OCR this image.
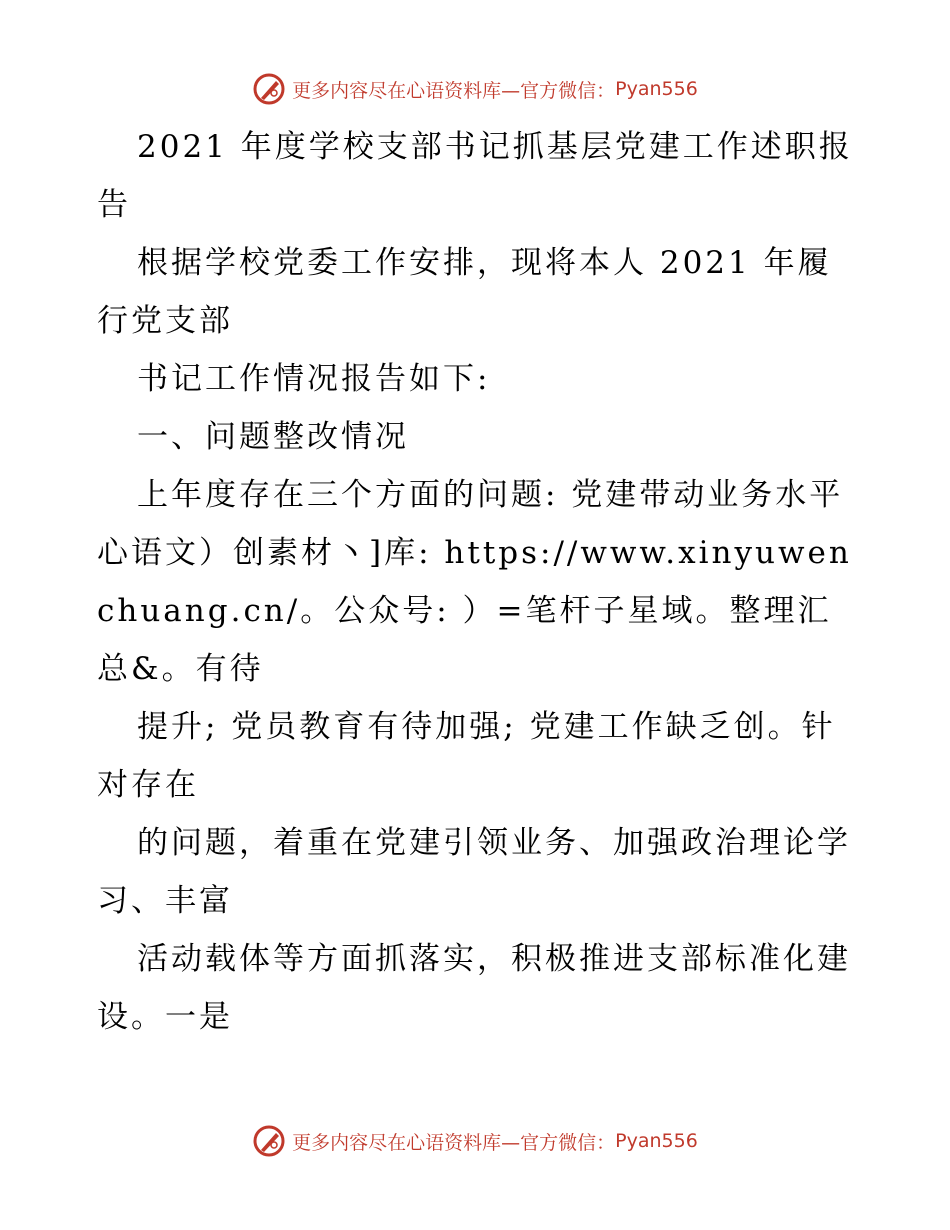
更多内容尽在心语资料库—官方微信： Pyan556

2021 年度学校支部书记抓基层党建工作述职报告

根据学校党委工作安排，现将本人 2021 年履行党支部

书记工作情况报告如下:

一、问题整改情况

上年度存在三个方面的问题: 党建带动业务水平心语文）创素材丶]库: https://www.xinyuwenchuang.cn/。公众号: ）=笔杆子星域。整理汇总&。有待

提升; 党员教育有待加强; 党建工作缺乏创。针对存在

的问题，着重在党建引领业务、加强政治理论学习、丰富

活动载体等方面抓落实，积极推进支部标准化建设。一是

更多内容尽在心语资料库—官方微信： Pyan556
